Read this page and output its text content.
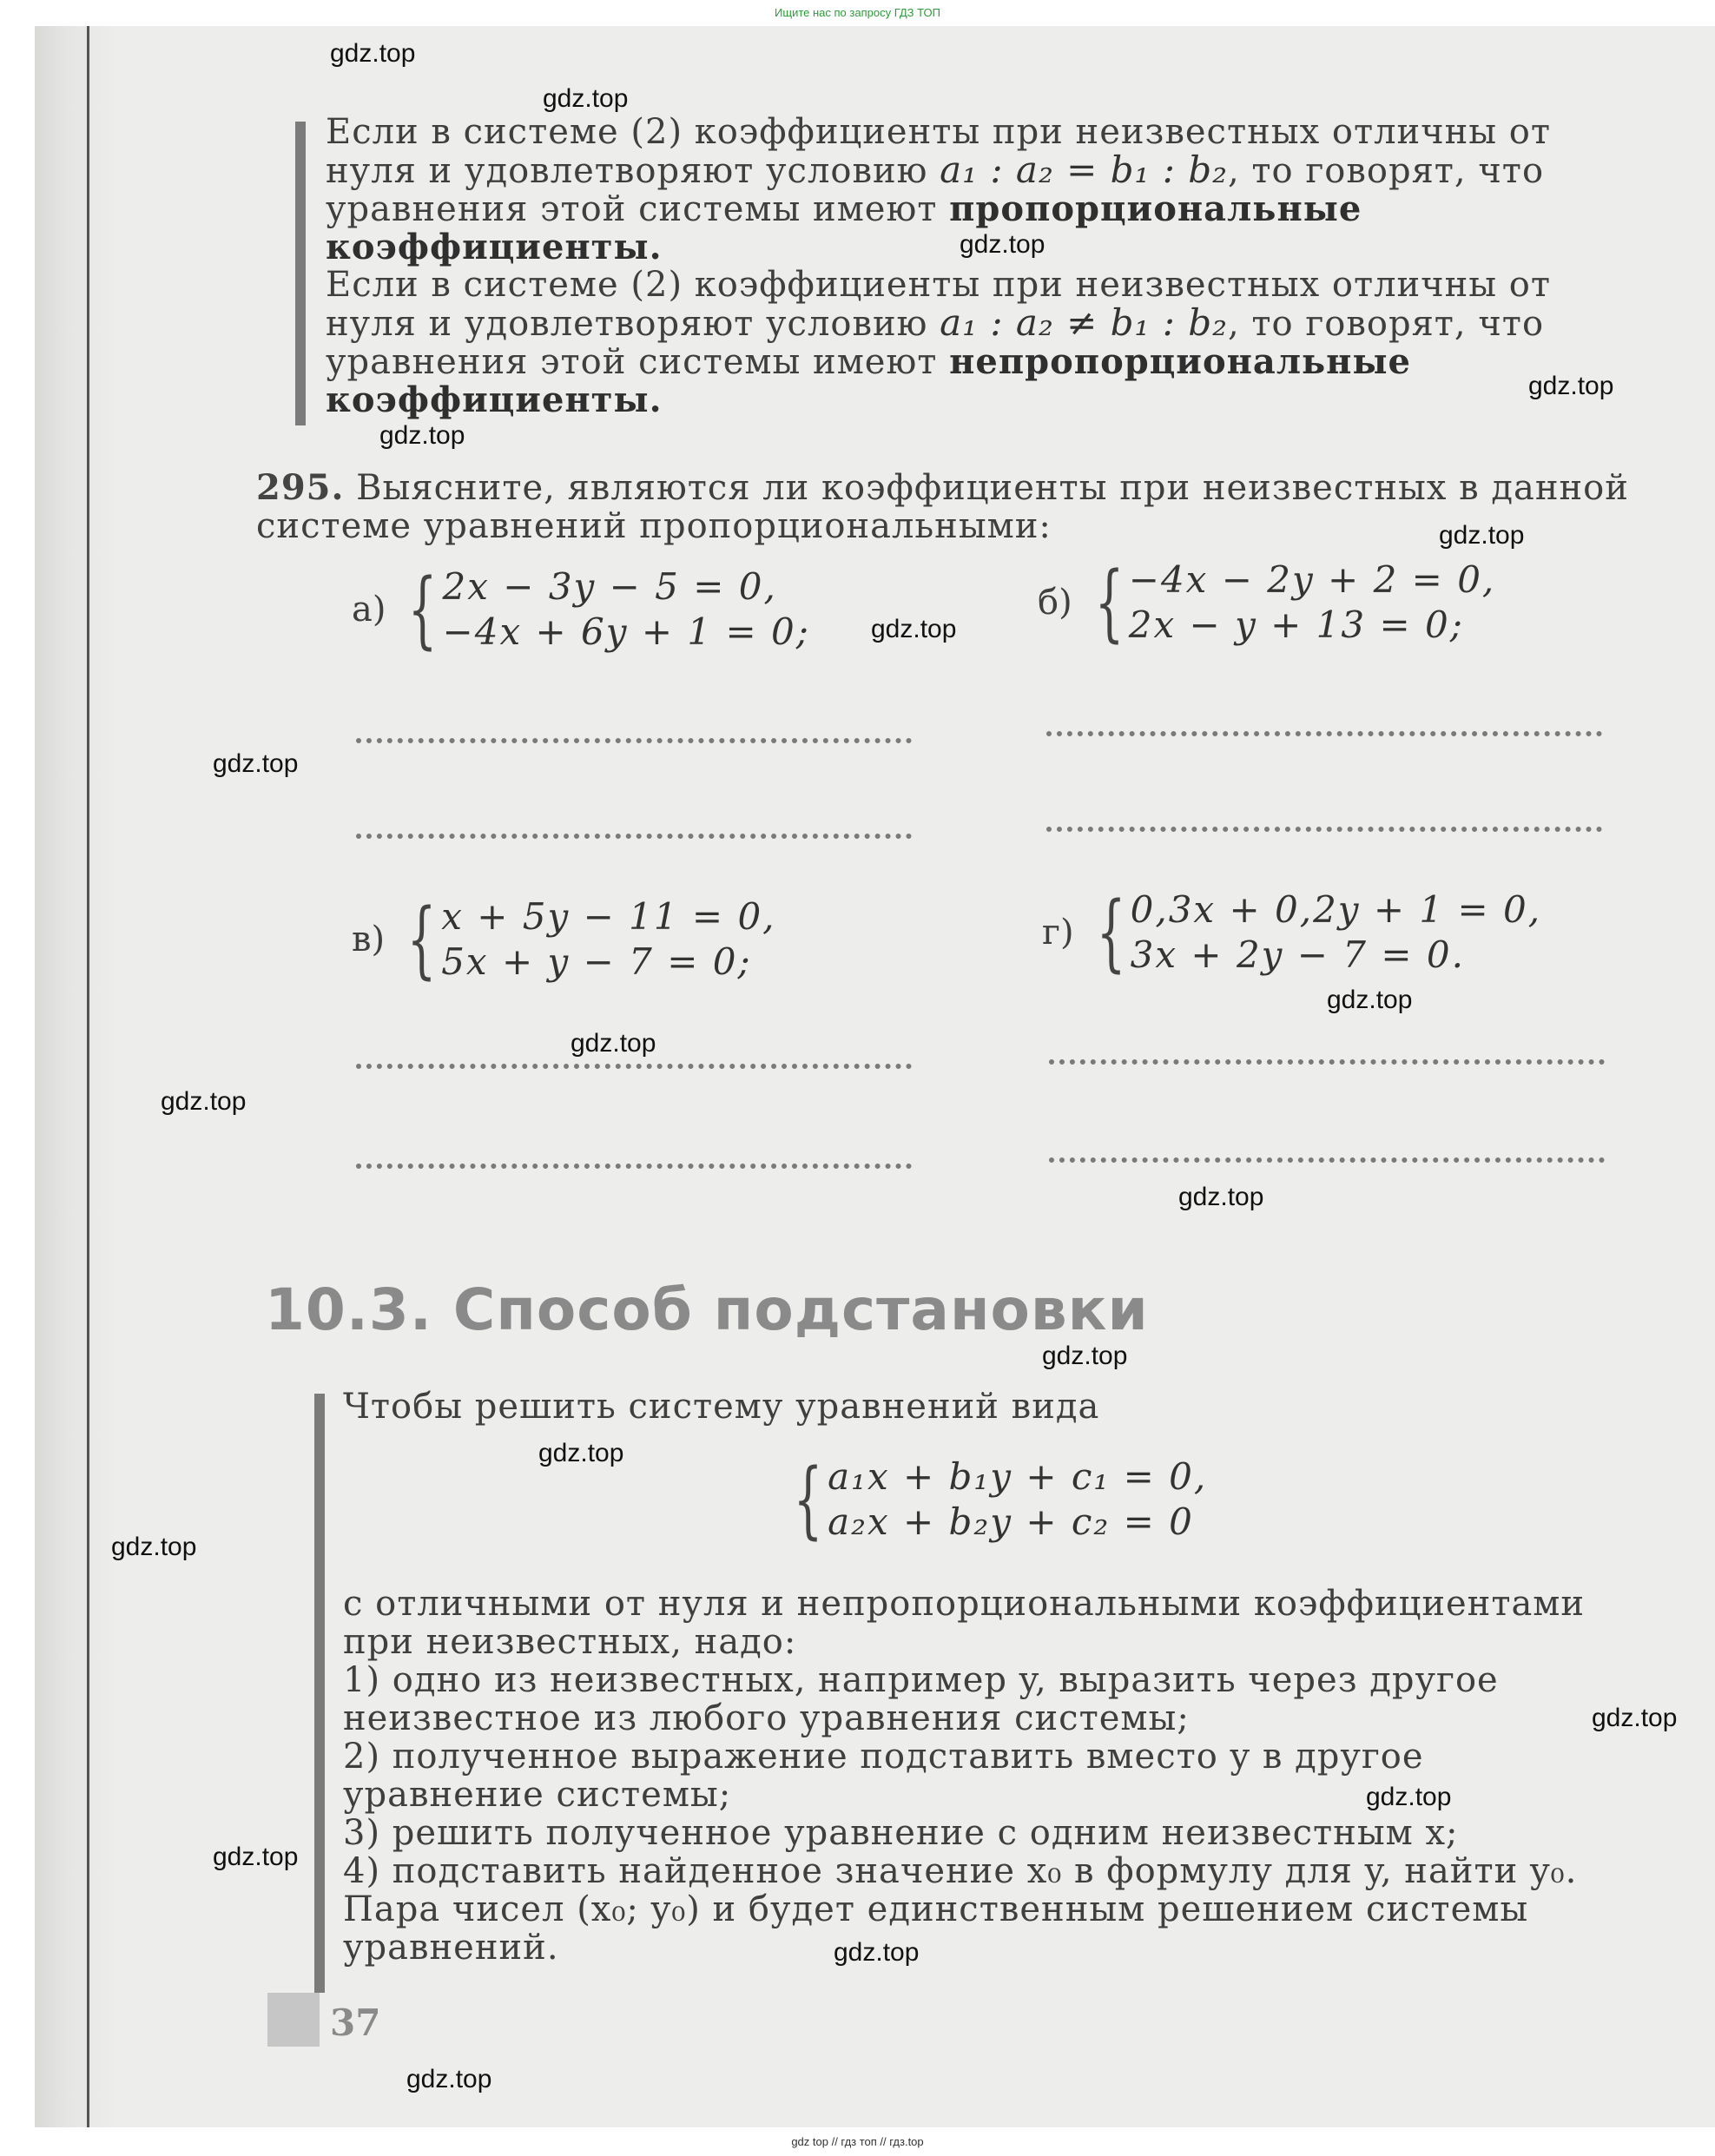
Ищите нас по запросу ГДЗ ТОП
Если в системе (2) коэффициенты при неизвестных отличны от нуля и удовлетворяют условию a₁ : a₂ = b₁ : b₂, то говорят, что уравнения этой системы имеют пропорциональные коэффициенты.
Если в системе (2) коэффициенты при неизвестных отличны от нуля и удовлетворяют условию a₁ : a₂ ≠ b₁ : b₂, то говорят, что уравнения этой системы имеют непропорциональные коэффициенты.
295. Выясните, являются ли коэффициенты при неизвестных в данной системе уравнений пропорциональными:
а) { 2x − 3y − 5 = 0,
−4x + 6y + 1 = 0;
б) { −4x − 2y + 2 = 0,
2x − y + 13 = 0;
в) { x + 5y − 11 = 0,
5x + y − 7 = 0;
г) { 0,3x + 0,2y + 1 = 0,
3x + 2y − 7 = 0.
10.3. Способ подстановки
Чтобы решить систему уравнений вида
{ a₁x + b₁y + c₁ = 0,
a₂x + b₂y + c₂ = 0
с отличными от нуля и непропорциональными коэффициентами при неизвестных, надо:
1) одно из неизвестных, например y, выразить через другое неизвестное из любого уравнения системы;
2) полученное выражение подставить вместо y в другое уравнение системы;
3) решить полученное уравнение с одним неизвестным x;
4) подставить найденное значение x₀ в формулу для y, найти y₀.
Пара чисел (x₀; y₀) и будет единственным решением системы уравнений.
37
gdz.top
gdz.top
gdz.top
gdz.top
gdz.top
gdz.top
gdz.top
gdz.top
gdz.top
gdz.top
gdz.top
gdz.top
gdz.top
gdz.top
gdz.top
gdz.top
gdz.top
gdz.top
gdz.top
gdz.top
gdz top // гдз топ // гдз.top
